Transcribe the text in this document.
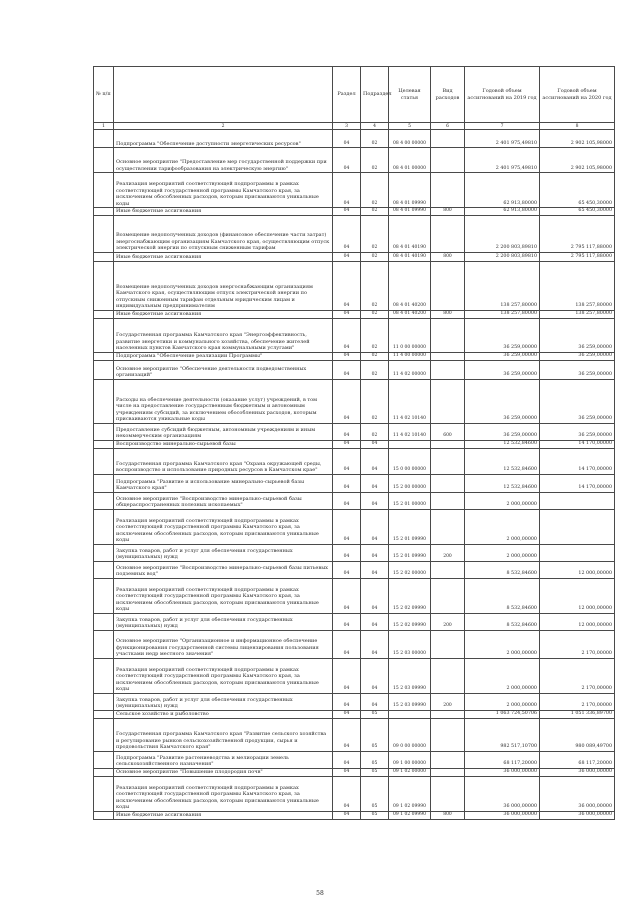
№ п/п		Раздел	Подраздел	Целевая статья	Вид расходов	Годовой объем ассигнований на 2019 год	Годовой объем ассигнований на 2020 год
1	2	3	4	5	6	7	8
	Подпрограмма "Обеспечение доступности энергетических ресурсов"	04	02	08 4 00 00000		2 401 975,49810	2 902 105,98000
	Основное мероприятие "Предоставление мер государственной поддержки при осуществлении тарифообразования на электрическую энергию"	04	02	08 4 01 00000		2 401 975,49810	2 902 105,98000
	Реализация мероприятий соответствующей подпрограммы в рамках соответствующей государственной программы Камчатского края, за исключением обособленных расходов, которым присваиваются уникальные коды	04	02	08 4 01 09990		62 913,80000	65 450,30000
	Иные бюджетные ассигнования	04	02	08 4 01 09990	800	62 913,80000	65 450,30000
	Возмещение недополученных доходов (финансовое обеспечение части затрат) энергоснабжающим организациям Камчатского края, осуществляющим отпуск электрической энергии по отпускным сниженным тарифам	04	02	08 4 01 40190		2 200 803,89810	2 795 117,88000
	Иные бюджетные ассигнования	04	02	08 4 01 40190	800	2 200 803,89810	2 795 117,88000
	Возмещение недополученных доходов энергоснабжающим организациям Камчатского края, осуществляющим отпуск электрической энергии по отпускным сниженным тарифам отдельным юридическим лицам и индивидуальным предпринимателям	04	02	08 4 01 40200		138 257,80000	138 257,80000
	Иные бюджетные ассигнования	04	02	08 4 01 40200	800	138 257,80000	138 257,80000
	Государственная программа Камчатского края "Энергоэффективность, развитие энергетики и коммунального хозяйства, обеспечение жителей населенных пунктов Камчатского края коммунальными услугами"	04	02	11 0 00 00000		36 259,00000	36 259,00000
	Подпрограмма "Обеспечение реализации Программы"	04	02	11 4 00 00000		36 259,00000	36 259,00000
	Основное мероприятие "Обеспечение деятельности подведомственных организаций"	04	02	11 4 02 00000		36 259,00000	36 259,00000
	Расходы на обеспечение деятельности (оказание услуг) учреждений, в том числе на предоставление государственным бюджетным и автономным учреждениям субсидий, за исключением обособленных расходов, которым присваиваются уникальные коды	04	02	11 4 02 10140		36 259,00000	36 259,00000
	Предоставление субсидий бюджетным, автономным учреждениям и иным некоммерческим организациям	04	02	11 4 02 10140	600	36 259,00000	36 259,00000
	Воспроизводство минерально-сырьевой базы	04	04			12 532,84600	14 170,00000
	Государственная программа Камчатского края "Охрана окружающей среды, воспроизводство и использование природных ресурсов в Камчатском крае"	04	04	15 0 00 00000		12 532,84600	14 170,00000
	Подпрограмма "Развитие и использование минерально-сырьевой базы Камчатского края"	04	04	15 2 00 00000		12 532,84600	14 170,00000
	Основное мероприятие "Воспроизводство минерально-сырьевой базы общераспространенных полезных ископаемых"	04	04	15 2 01 00000		2 000,00000	
	Реализация мероприятий соответствующей подпрограммы в рамках соответствующей государственной программы Камчатского края, за исключением обособленных расходов, которым присваиваются уникальные коды	04	04	15 2 01 09990		2 000,00000	
	Закупка товаров, работ и услуг для обеспечения государственных (муниципальных) нужд	04	04	15 2 01 09990	200	2 000,00000	
	Основное мероприятие "Воспроизводство минерально-сырьевой базы питьевых подземных вод"	04	04	15 2 02 00000		8 532,84600	12 000,00000
	Реализация мероприятий соответствующей подпрограммы в рамках соответствующей государственной программы Камчатского края, за исключением обособленных расходов, которым присваиваются уникальные коды	04	04	15 2 02 09990		8 532,84600	12 000,00000
	Закупка товаров, работ и услуг для обеспечения государственных (муниципальных) нужд	04	04	15 2 02 09990	200	8 532,84600	12 000,00000
	Основное мероприятие "Организационное и информационное обеспечение функционирования государственной системы лицензирования пользования участками недр местного значения"	04	04	15 2 03 00000		2 000,00000	2 170,00000
	Реализация мероприятий соответствующей подпрограммы в рамках соответствующей государственной программы Камчатского края, за исключением обособленных расходов, которым присваиваются уникальные коды	04	04	15 2 03 09990		2 000,00000	2 170,00000
	Закупка товаров, работ и услуг для обеспечения государственных (муниципальных) нужд	04	04	15 2 03 09990	200	2 000,00000	2 170,00000
	Сельское хозяйство и рыболовство	04	05			1 063 724,50706	1 051 336,89700
	Государственная программа Камчатского края "Развитие сельского хозяйства и регулирование рынков сельскохозяйственной продукции, сырья и продовольствия Камчатского края"	04	05	09 0 00 00000		982 517,10700	980 089,49700
	Подпрограмма "Развитие растениеводства и мелиорации земель сельскохозяйственного назначения"	04	05	09 1 00 00000		68 117,20000	68 117,20000
	Основное мероприятие "Повышение плодородия почв"	04	05	09 1 02 00000		36 000,00000	36 000,00000
	Реализация мероприятий соответствующей подпрограммы в рамках соответствующей государственной программы Камчатского края, за исключением обособленных расходов, которым присваиваются уникальные коды	04	05	09 1 02 09990		36 000,00000	36 000,00000
	Иные бюджетные ассигнования	04	05	09 1 02 09990	800	36 000,00000	36 000,00000
58
